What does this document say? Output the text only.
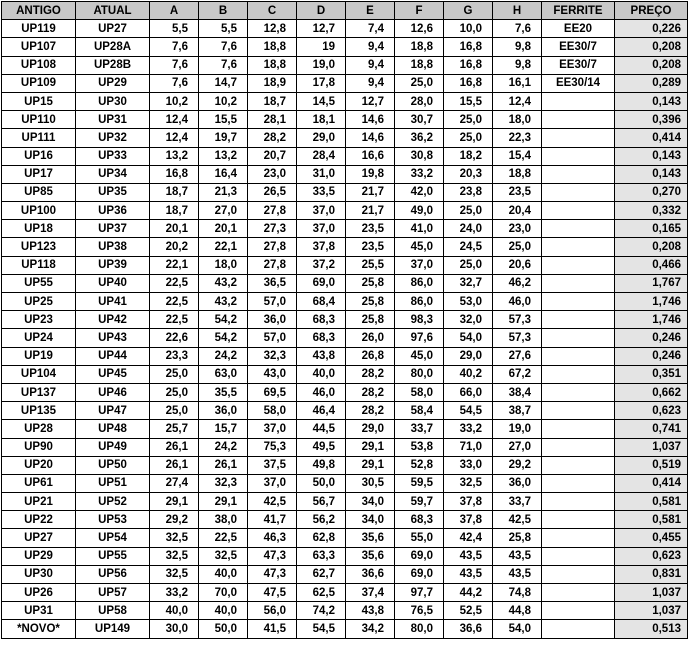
ANTIGO	ATUAL	A	B	C	D	E	F	G	H	FERRITE	PREÇO
UP119	UP27	5,5	5,5	12,8	12,7	7,4	12,6	10,0	7,6	EE20	0,226
UP107	UP28A	7,6	7,6	18,8	19	9,4	18,8	16,8	9,8	EE30/7	0,208
UP108	UP28B	7,6	7,6	18,8	19,0	9,4	18,8	16,8	9,8	EE30/7	0,208
UP109	UP29	7,6	14,7	18,9	17,8	9,4	25,0	16,8	16,1	EE30/14	0,289
UP15	UP30	10,2	10,2	18,7	14,5	12,7	28,0	15,5	12,4		0,143
UP110	UP31	12,4	15,5	28,1	18,1	14,6	30,7	25,0	18,0		0,396
UP111	UP32	12,4	19,7	28,2	29,0	14,6	36,2	25,0	22,3		0,414
UP16	UP33	13,2	13,2	20,7	28,4	16,6	30,8	18,2	15,4		0,143
UP17	UP34	16,8	16,4	23,0	31,0	19,8	33,2	20,3	18,8		0,143
UP85	UP35	18,7	21,3	26,5	33,5	21,7	42,0	23,8	23,5		0,270
UP100	UP36	18,7	27,0	27,8	37,0	21,7	49,0	25,0	20,4		0,332
UP18	UP37	20,1	20,1	27,3	37,0	23,5	41,0	24,0	23,0		0,165
UP123	UP38	20,2	22,1	27,8	37,8	23,5	45,0	24,5	25,0		0,208
UP118	UP39	22,1	18,0	27,8	37,2	25,5	37,0	25,0	20,6		0,466
UP55	UP40	22,5	43,2	36,5	69,0	25,8	86,0	32,7	46,2		1,767
UP25	UP41	22,5	43,2	57,0	68,4	25,8	86,0	53,0	46,0		1,746
UP23	UP42	22,5	54,2	36,0	68,3	25,8	98,3	32,0	57,3		1,746
UP24	UP43	22,6	54,2	57,0	68,3	26,0	97,6	54,0	57,3		0,246
UP19	UP44	23,3	24,2	32,3	43,8	26,8	45,0	29,0	27,6		0,246
UP104	UP45	25,0	63,0	43,0	40,0	28,2	80,0	40,2	67,2		0,351
UP137	UP46	25,0	35,5	69,5	46,0	28,2	58,0	66,0	38,4		0,662
UP135	UP47	25,0	36,0	58,0	46,4	28,2	58,4	54,5	38,7		0,623
UP28	UP48	25,7	15,7	37,0	44,5	29,0	33,7	33,2	19,0		0,741
UP90	UP49	26,1	24,2	75,3	49,5	29,1	53,8	71,0	27,0		1,037
UP20	UP50	26,1	26,1	37,5	49,8	29,1	52,8	33,0	29,2		0,519
UP61	UP51	27,4	32,3	37,0	50,0	30,5	59,5	32,5	36,0		0,414
UP21	UP52	29,1	29,1	42,5	56,7	34,0	59,7	37,8	33,7		0,581
UP22	UP53	29,2	38,0	41,7	56,2	34,0	68,3	37,8	42,5		0,581
UP27	UP54	32,5	22,5	46,3	62,8	35,6	55,0	42,4	25,8		0,455
UP29	UP55	32,5	32,5	47,3	63,3	35,6	69,0	43,5	43,5		0,623
UP30	UP56	32,5	40,0	47,3	62,7	36,6	69,0	43,5	43,5		0,831
UP26	UP57	33,2	70,0	47,5	62,5	37,4	97,7	44,2	74,8		1,037
UP31	UP58	40,0	40,0	56,0	74,2	43,8	76,5	52,5	44,8		1,037
*NOVO*	UP149	30,0	50,0	41,5	54,5	34,2	80,0	36,6	54,0		0,513
